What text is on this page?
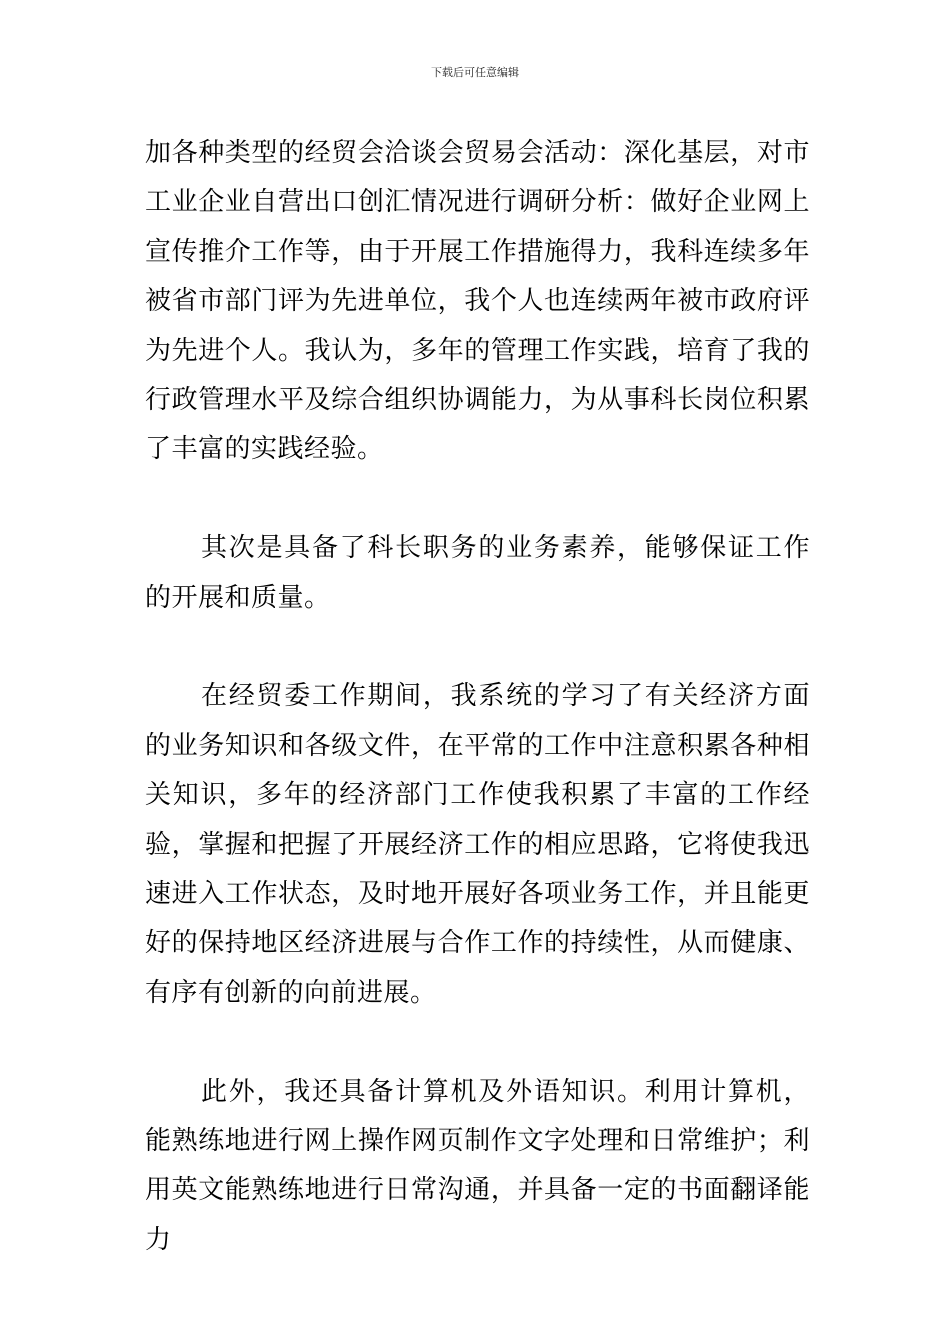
下载后可任意编辑

加各种类型的经贸会洽谈会贸易会活动：深化基层，对市工业企业自营出口创汇情况进行调研分析：做好企业网上宣传推介工作等，由于开展工作措施得力，我科连续多年被省市部门评为先进单位，我个人也连续两年被市政府评为先进个人。我认为，多年的管理工作实践，培育了我的行政管理水平及综合组织协调能力，为从事科长岗位积累了丰富的实践经验。

其次是具备了科长职务的业务素养，能够保证工作的开展和质量。

在经贸委工作期间，我系统的学习了有关经济方面的业务知识和各级文件，在平常的工作中注意积累各种相关知识，多年的经济部门工作使我积累了丰富的工作经验，掌握和把握了开展经济工作的相应思路，它将使我迅速进入工作状态，及时地开展好各项业务工作，并且能更好的保持地区经济进展与合作工作的持续性，从而健康、有序有创新的向前进展。

此外，我还具备计算机及外语知识。利用计算机，能熟练地进行网上操作网页制作文字处理和日常维护；利用英文能熟练地进行日常沟通，并具备一定的书面翻译能力
